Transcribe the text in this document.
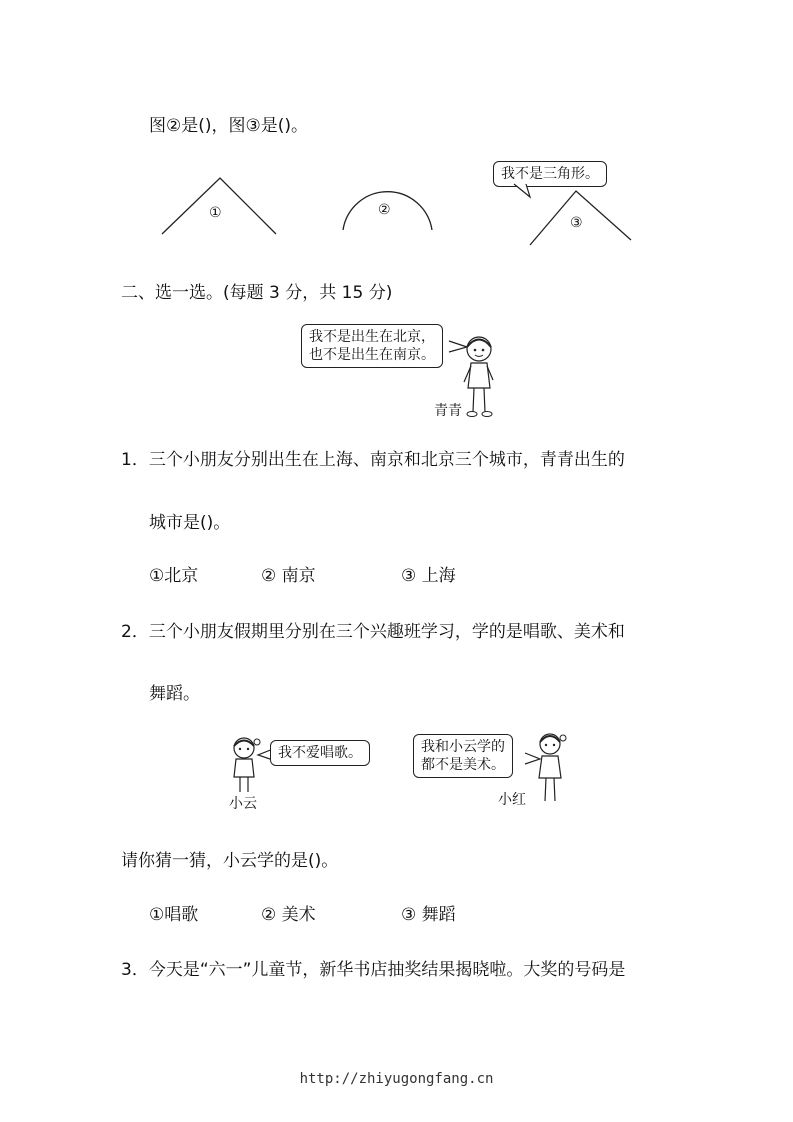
图②是()，图③是()。
①	②
我不是三角形。
③
二、选一选。(每题 3 分，共 15 分)
我不是出生在北京，
也不是出生在南京。
青青
1．三个小朋友分别出生在上海、南京和北京三个城市，青青出生的
城市是()。
①北京	② 南京	③ 上海
2．三个小朋友假期里分别在三个兴趣班学习，学的是唱歌、美术和
舞蹈。
我不爱唱歌。
小云
我和小云学的
都不是美术。
小红
请你猜一猜，小云学的是()。
①唱歌	② 美术	③ 舞蹈
3．今天是“六一”儿童节，新华书店抽奖结果揭晓啦。大奖的号码是
http://zhiyugongfang.cn
